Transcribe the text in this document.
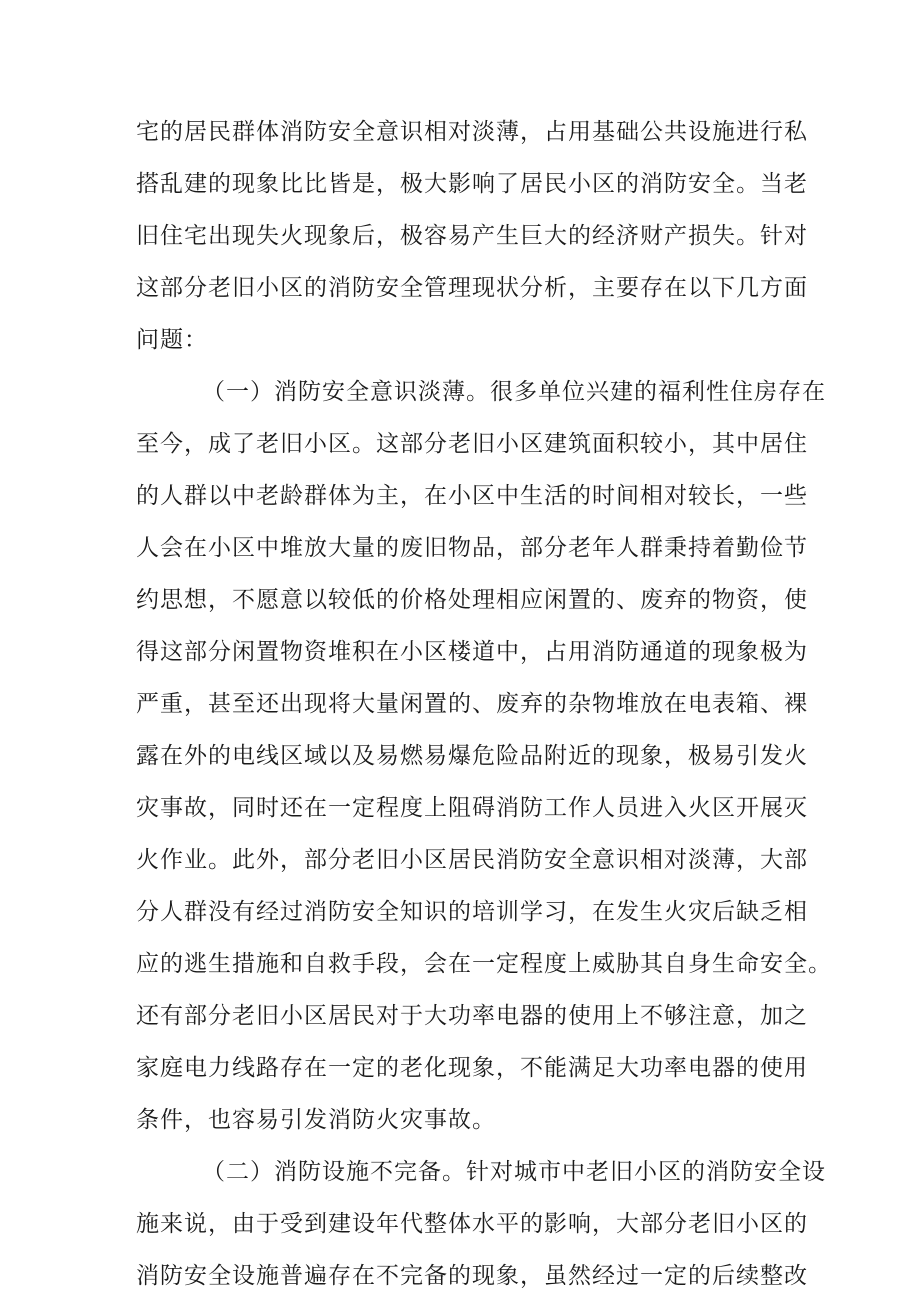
宅的居民群体消防安全意识相对淡薄，占用基础公共设施进行私
搭乱建的现象比比皆是，极大影响了居民小区的消防安全。当老
旧住宅出现失火现象后，极容易产生巨大的经济财产损失。针对
这部分老旧小区的消防安全管理现状分析，主要存在以下几方面
问题：
（一）消防安全意识淡薄。很多单位兴建的福利性住房存在
至今，成了老旧小区。这部分老旧小区建筑面积较小，其中居住
的人群以中老龄群体为主，在小区中生活的时间相对较长，一些
人会在小区中堆放大量的废旧物品，部分老年人群秉持着勤俭节
约思想，不愿意以较低的价格处理相应闲置的、废弃的物资，使
得这部分闲置物资堆积在小区楼道中，占用消防通道的现象极为
严重，甚至还出现将大量闲置的、废弃的杂物堆放在电表箱、裸
露在外的电线区域以及易燃易爆危险品附近的现象，极易引发火
灾事故，同时还在一定程度上阻碍消防工作人员进入火区开展灭
火作业。此外，部分老旧小区居民消防安全意识相对淡薄，大部
分人群没有经过消防安全知识的培训学习，在发生火灾后缺乏相
应的逃生措施和自救手段，会在一定程度上威胁其自身生命安全。
还有部分老旧小区居民对于大功率电器的使用上不够注意，加之
家庭电力线路存在一定的老化现象，不能满足大功率电器的使用
条件，也容易引发消防火灾事故。
（二）消防设施不完备。针对城市中老旧小区的消防安全设
施来说，由于受到建设年代整体水平的影响，大部分老旧小区的
消防安全设施普遍存在不完备的现象，虽然经过一定的后续整改
